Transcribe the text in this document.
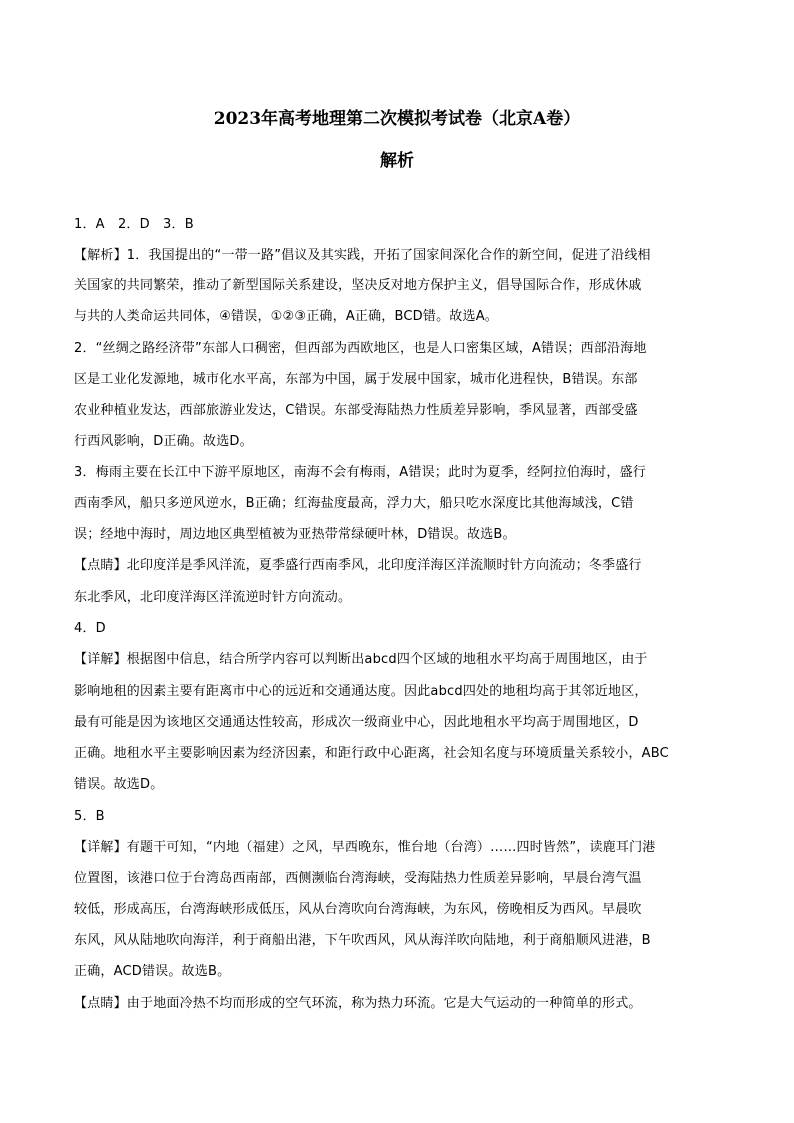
2023年高考地理第二次模拟考试卷（北京A卷）
解析
1．A　2．D　3．B
【解析】1．我国提出的“一带一路”倡议及其实践，开拓了国家间深化合作的新空间，促进了沿线相
关国家的共同繁荣，推动了新型国际关系建设，坚决反对地方保护主义，倡导国际合作，形成休戚
与共的人类命运共同体，④错误，①②③正确，A正确，BCD错。故选A。
2．“丝绸之路经济带”东部人口稠密，但西部为西欧地区，也是人口密集区域，A错误；西部沿海地
区是工业化发源地，城市化水平高，东部为中国，属于发展中国家，城市化进程快，B错误。东部
农业种植业发达，西部旅游业发达，C错误。东部受海陆热力性质差异影响，季风显著，西部受盛
行西风影响，D正确。故选D。
3．梅雨主要在长江中下游平原地区，南海不会有梅雨，A错误；此时为夏季，经阿拉伯海时，盛行
西南季风，船只多逆风逆水，B正确；红海盐度最高，浮力大，船只吃水深度比其他海域浅，C错
误；经地中海时，周边地区典型植被为亚热带常绿硬叶林，D错误。故选B。
【点睛】北印度洋是季风洋流，夏季盛行西南季风，北印度洋海区洋流顺时针方向流动；冬季盛行
东北季风，北印度洋海区洋流逆时针方向流动。
4．D
【详解】根据图中信息，结合所学内容可以判断出abcd四个区域的地租水平均高于周围地区，由于
影响地租的因素主要有距离市中心的远近和交通通达度。因此abcd四处的地租均高于其邻近地区，
最有可能是因为该地区交通通达性较高，形成次一级商业中心，因此地租水平均高于周围地区，D
正确。地租水平主要影响因素为经济因素，和距行政中心距离，社会知名度与环境质量关系较小，ABC
错误。故选D。
5．B
【详解】有题干可知，“内地（福建）之风，早西晚东，惟台地（台湾）……四时皆然”，读鹿耳门港
位置图，该港口位于台湾岛西南部，西侧濒临台湾海峡，受海陆热力性质差异影响，早晨台湾气温
较低，形成高压，台湾海峡形成低压，风从台湾吹向台湾海峡，为东风，傍晚相反为西风。早晨吹
东风，风从陆地吹向海洋，利于商船出港，下午吹西风，风从海洋吹向陆地，利于商船顺风进港，B
正确，ACD错误。故选B。
【点睛】由于地面冷热不均而形成的空气环流，称为热力环流。它是大气运动的一种简单的形式。
